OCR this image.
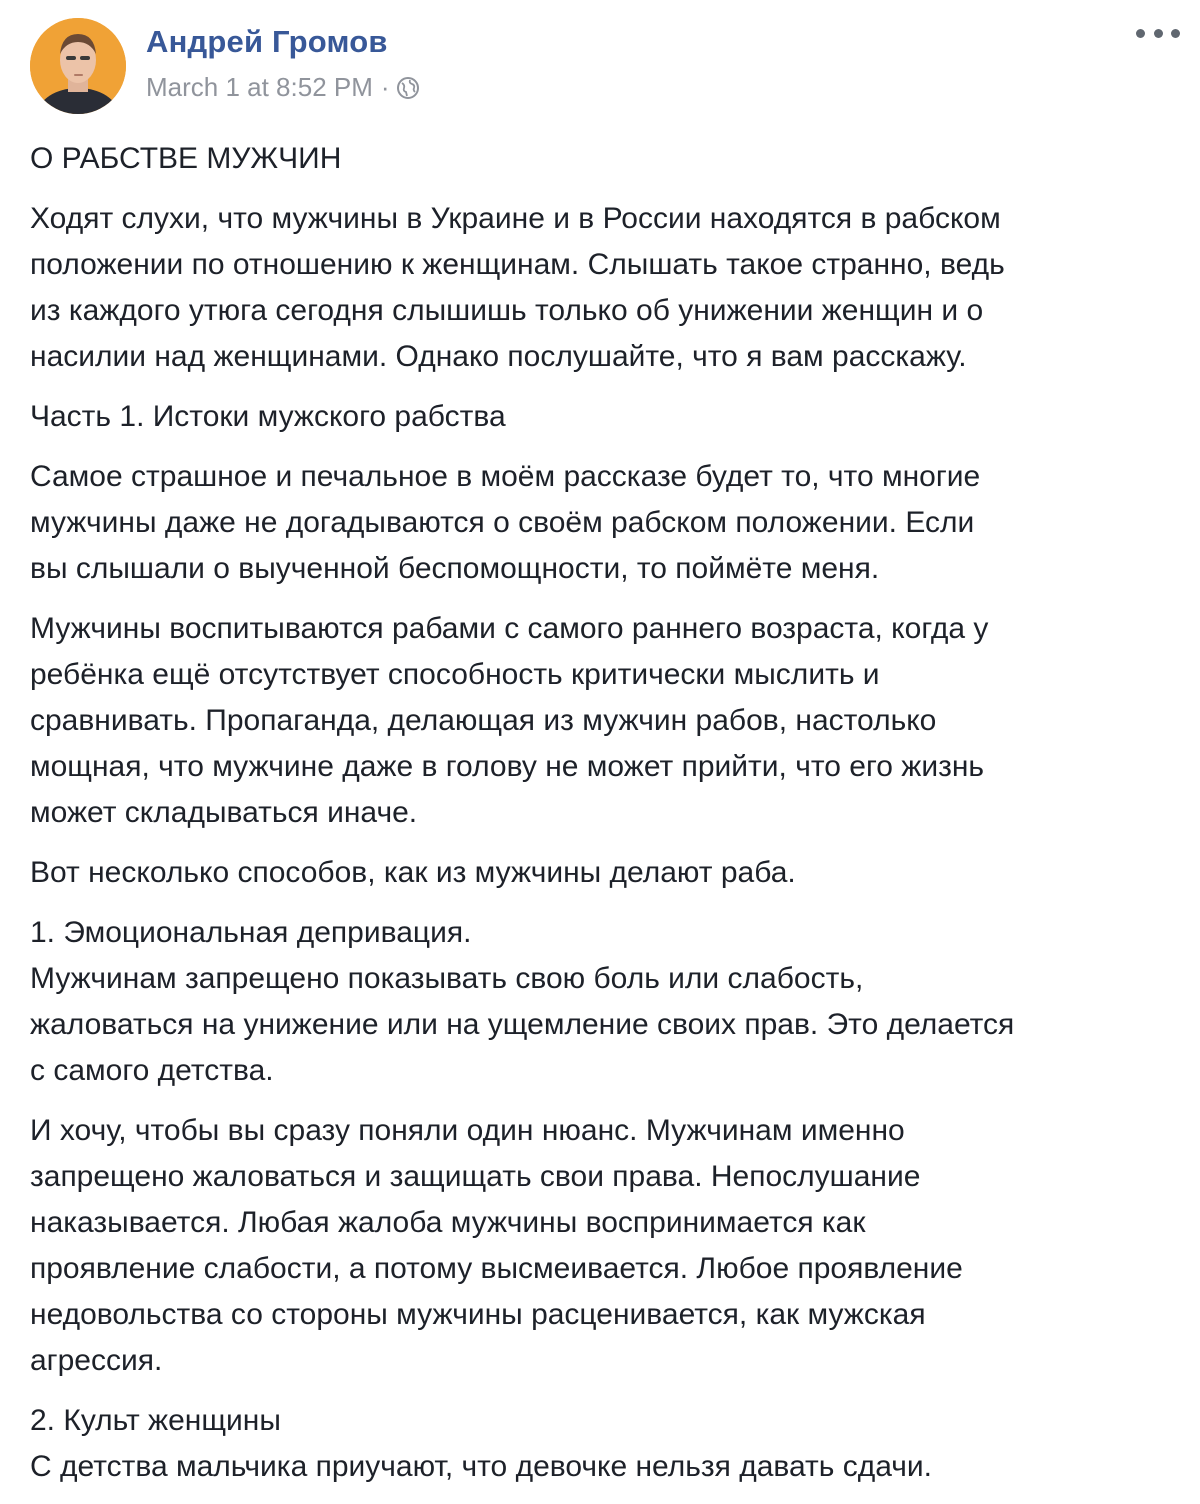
Андрей Громов
March 1 at 8:52 PM ·

О РАБСТВЕ МУЖЧИН

Ходят слухи, что мужчины в Украине и в России находятся в рабском
положении по отношению к женщинам. Слышать такое странно, ведь
из каждого утюга сегодня слышишь только об унижении женщин и о
насилии над женщинами. Однако послушайте, что я вам расскажу.

Часть 1. Истоки мужского рабства

Самое страшное и печальное в моём рассказе будет то, что многие
мужчины даже не догадываются о своём рабском положении. Если
вы слышали о выученной беспомощности, то поймёте меня.

Мужчины воспитываются рабами с самого раннего возраста, когда у
ребёнка ещё отсутствует способность критически мыслить и
сравнивать. Пропаганда, делающая из мужчин рабов, настолько
мощная, что мужчине даже в голову не может прийти, что его жизнь
может складываться иначе.

Вот несколько способов, как из мужчины делают раба.

1. Эмоциональная депривация.
Мужчинам запрещено показывать свою боль или слабость,
жаловаться на унижение или на ущемление своих прав. Это делается
с самого детства.

И хочу, чтобы вы сразу поняли один нюанс. Мужчинам именно
запрещено жаловаться и защищать свои права. Непослушание
наказывается. Любая жалоба мужчины воспринимается как
проявление слабости, а потому высмеивается. Любое проявление
недовольства со стороны мужчины расценивается, как мужская
агрессия.

2. Культ женщины
С детства мальчика приучают, что девочке нельзя давать сдачи.
